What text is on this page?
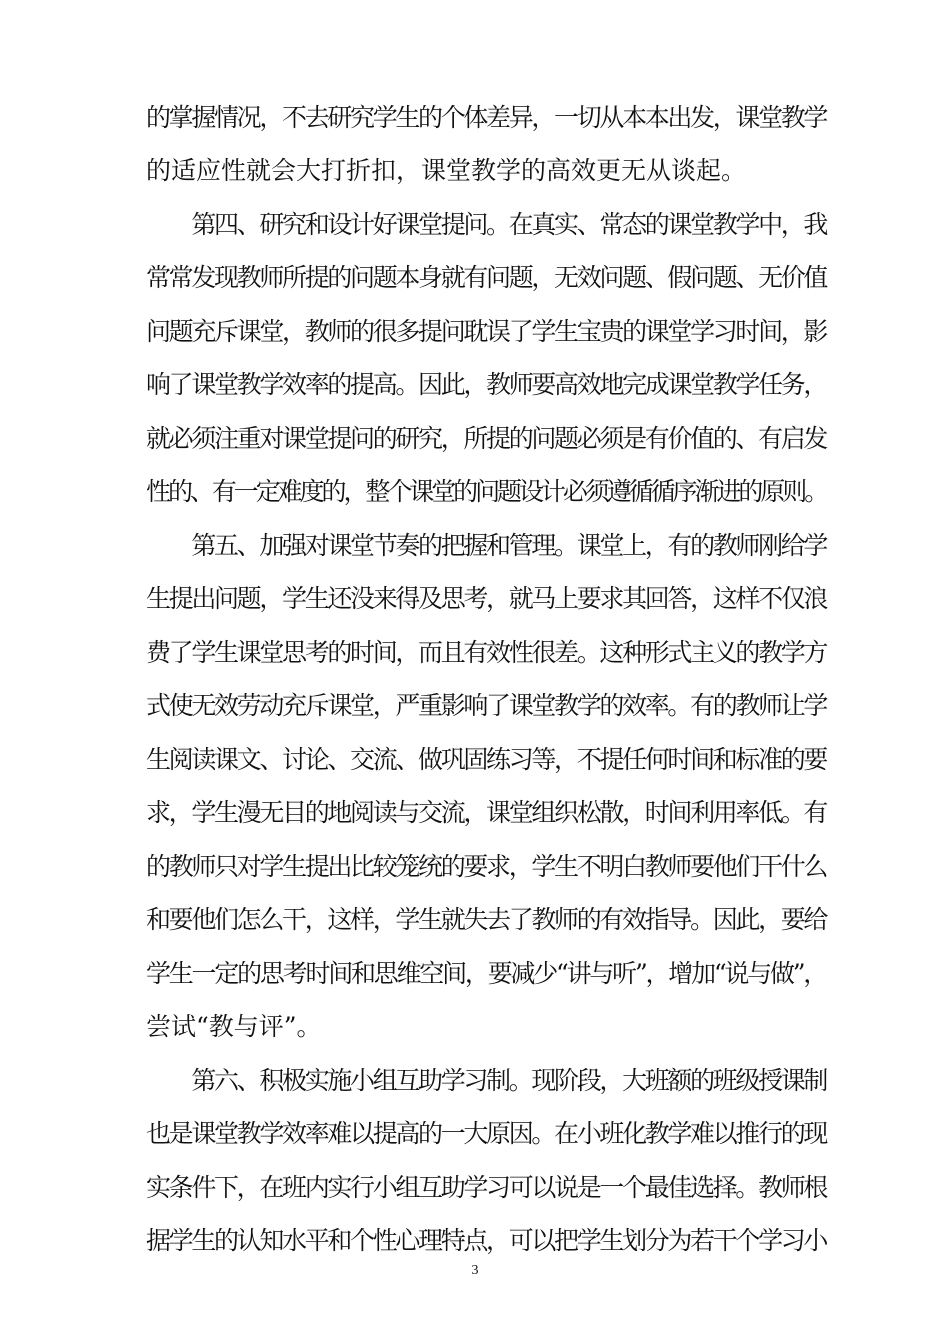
的掌握情况，不去研究学生的个体差异，一切从本本出发，课堂教学
的适应性就会大打折扣，课堂教学的高效更无从谈起。
　　第四、研究和设计好课堂提问。在真实、常态的课堂教学中，我
常常发现教师所提的问题本身就有问题，无效问题、假问题、无价值
问题充斥课堂，教师的很多提问耽误了学生宝贵的课堂学习时间，影
响了课堂教学效率的提高。因此，教师要高效地完成课堂教学任务，
就必须注重对课堂提问的研究，所提的问题必须是有价值的、有启发
性的、有一定难度的，整个课堂的问题设计必须遵循循序渐进的原则。
　　第五、加强对课堂节奏的把握和管理。课堂上，有的教师刚给学
生提出问题，学生还没来得及思考，就马上要求其回答，这样不仅浪
费了学生课堂思考的时间，而且有效性很差。这种形式主义的教学方
式使无效劳动充斥课堂，严重影响了课堂教学的效率。有的教师让学
生阅读课文、讨论、交流、做巩固练习等，不提任何时间和标准的要
求，学生漫无目的地阅读与交流，课堂组织松散，时间利用率低。有
的教师只对学生提出比较笼统的要求，学生不明白教师要他们干什么
和要他们怎么干，这样，学生就失去了教师的有效指导。因此，要给
学生一定的思考时间和思维空间，要减少“讲与听”，增加“说与做”，
尝试“教与评”。
　　第六、积极实施小组互助学习制。现阶段，大班额的班级授课制
也是课堂教学效率难以提高的一大原因。在小班化教学难以推行的现
实条件下，在班内实行小组互助学习可以说是一个最佳选择。教师根
据学生的认知水平和个性心理特点，可以把学生划分为若干个学习小
3
